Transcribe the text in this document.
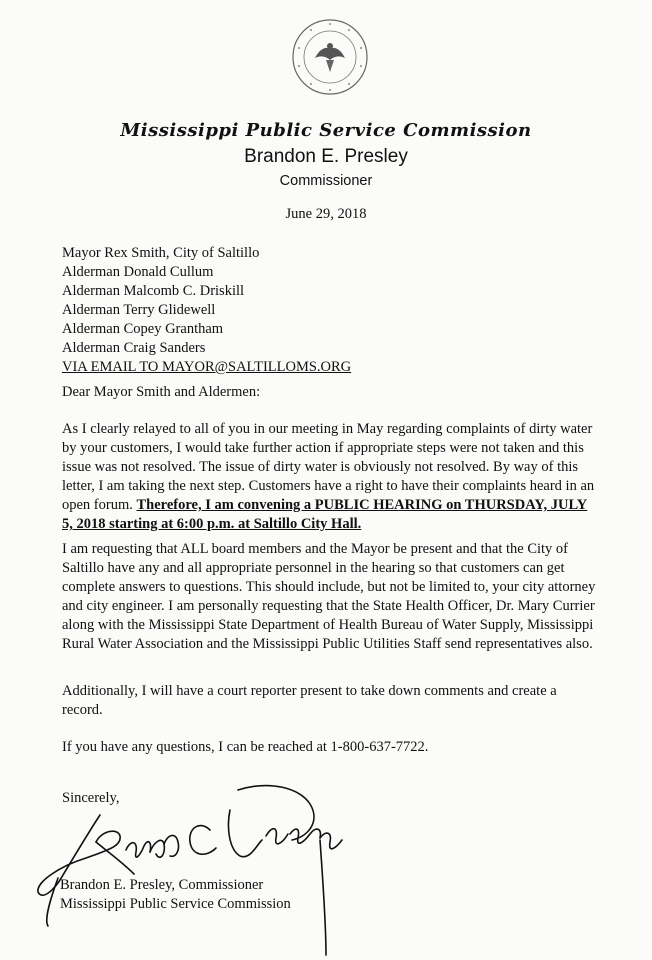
Mississippi Public Service Commission
Brandon E. Presley
Commissioner
June 29, 2018
Mayor Rex Smith, City of Saltillo
Alderman Donald Cullum
Alderman Malcomb C. Driskill
Alderman Terry Glidewell
Alderman Copey Grantham
Alderman Craig Sanders
VIA EMAIL TO MAYOR@SALTILLOMS.ORG
Dear Mayor Smith and Aldermen:
As I clearly relayed to all of you in our meeting in May regarding complaints of dirty water by your customers, I would take further action if appropriate steps were not taken and this issue was not resolved. The issue of dirty water is obviously not resolved. By way of this letter, I am taking the next step. Customers have a right to have their complaints heard in an open forum. Therefore, I am convening a PUBLIC HEARING on THURSDAY, JULY 5, 2018 starting at 6:00 p.m. at Saltillo City Hall.
I am requesting that ALL board members and the Mayor be present and that the City of Saltillo have any and all appropriate personnel in the hearing so that customers can get complete answers to questions. This should include, but not be limited to, your city attorney and city engineer. I am personally requesting that the State Health Officer, Dr. Mary Currier along with the Mississippi State Department of Health Bureau of Water Supply, Mississippi Rural Water Association and the Mississippi Public Utilities Staff send representatives also.
Additionally, I will have a court reporter present to take down comments and create a record.
If you have any questions, I can be reached at 1-800-637-7722.
Sincerely,
Brandon E. Presley, Commissioner
Mississippi Public Service Commission
